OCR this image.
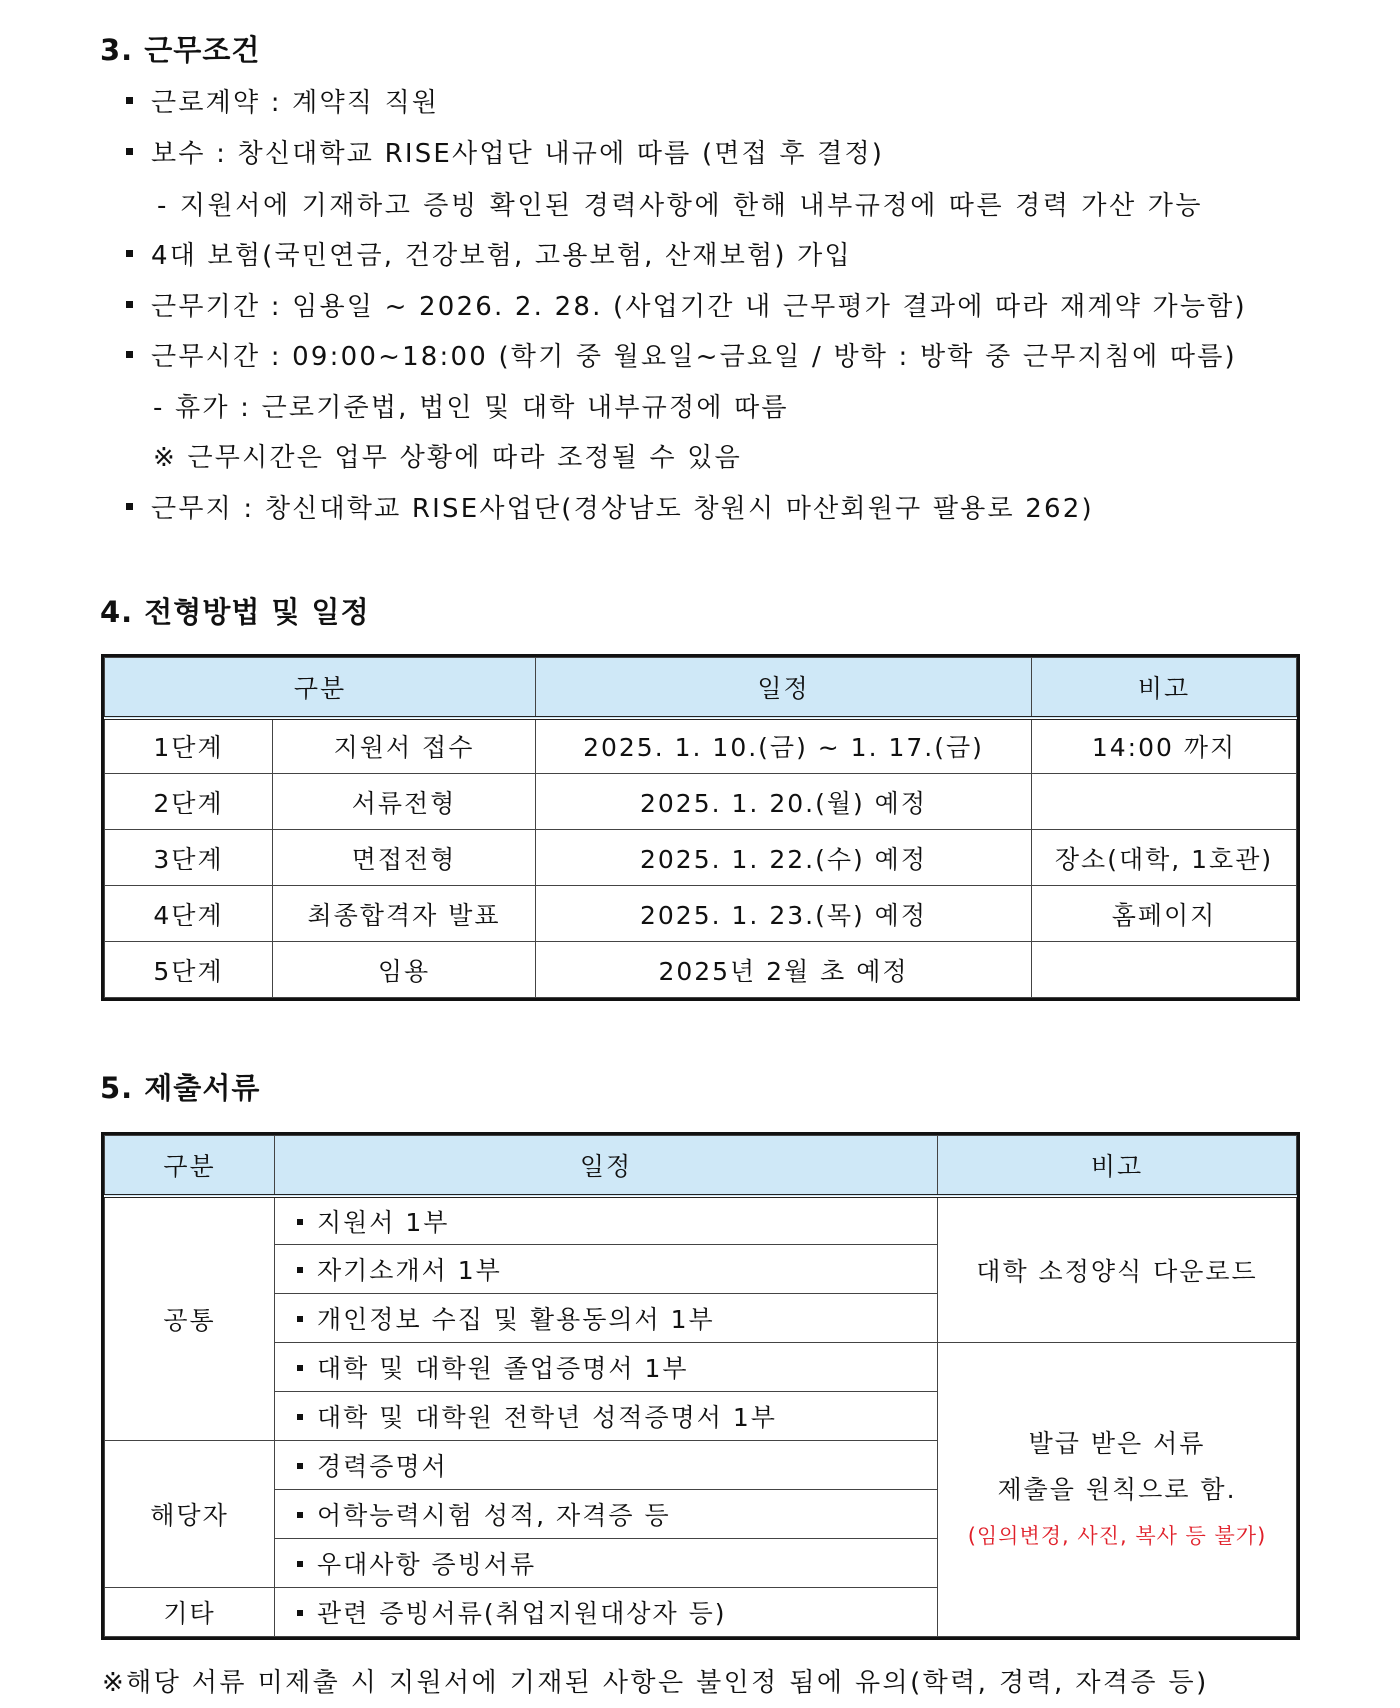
3. 근무조건
근로계약 : 계약직 직원
보수 : 창신대학교 RISE사업단 내규에 따름 (면접 후 결정)
- 지원서에 기재하고 증빙 확인된 경력사항에 한해 내부규정에 따른 경력 가산 가능
4대 보험(국민연금, 건강보험, 고용보험, 산재보험) 가입
근무기간 : 임용일 ~ 2026. 2. 28. (사업기간 내 근무평가 결과에 따라 재계약 가능함)
근무시간 : 09:00~18:00 (학기 중 월요일~금요일 / 방학 : 방학 중 근무지침에 따름)
- 휴가 : 근로기준법, 법인 및 대학 내부규정에 따름
※ 근무시간은 업무 상황에 따라 조정될 수 있음
근무지 : 창신대학교 RISE사업단(경상남도 창원시 마산회원구 팔용로 262)
4. 전형방법 및 일정
구분		일정	비고
1단계	지원서 접수	2025. 1. 10.(금) ~ 1. 17.(금)	14:00 까지
2단계	서류전형	2025. 1. 20.(월) 예정	
3단계	면접전형	2025. 1. 22.(수) 예정	장소(대학, 1호관)
4단계	최종합격자 발표	2025. 1. 23.(목) 예정	홈페이지
5단계	임용	2025년 2월 초 예정	
5. 제출서류
구분	일정	비고
공통	지원서 1부	대학 소정양식 다운로드
	자기소개서 1부	
	개인정보 수집 및 활용동의서 1부	
	대학 및 대학원 졸업증명서 1부	발급 받은 서류
제출을 원칙으로 함.
(임의변경, 사진, 복사 등 불가)

	대학 및 대학원 전학년 성적증명서 1부	
해당자	경력증명서	
	어학능력시험 성적, 자격증 등	
	우대사항 증빙서류	
기타	관련 증빙서류(취업지원대상자 등)	
※해당 서류 미제출 시 지원서에 기재된 사항은 불인정 됨에 유의(학력, 경력, 자격증 등)
